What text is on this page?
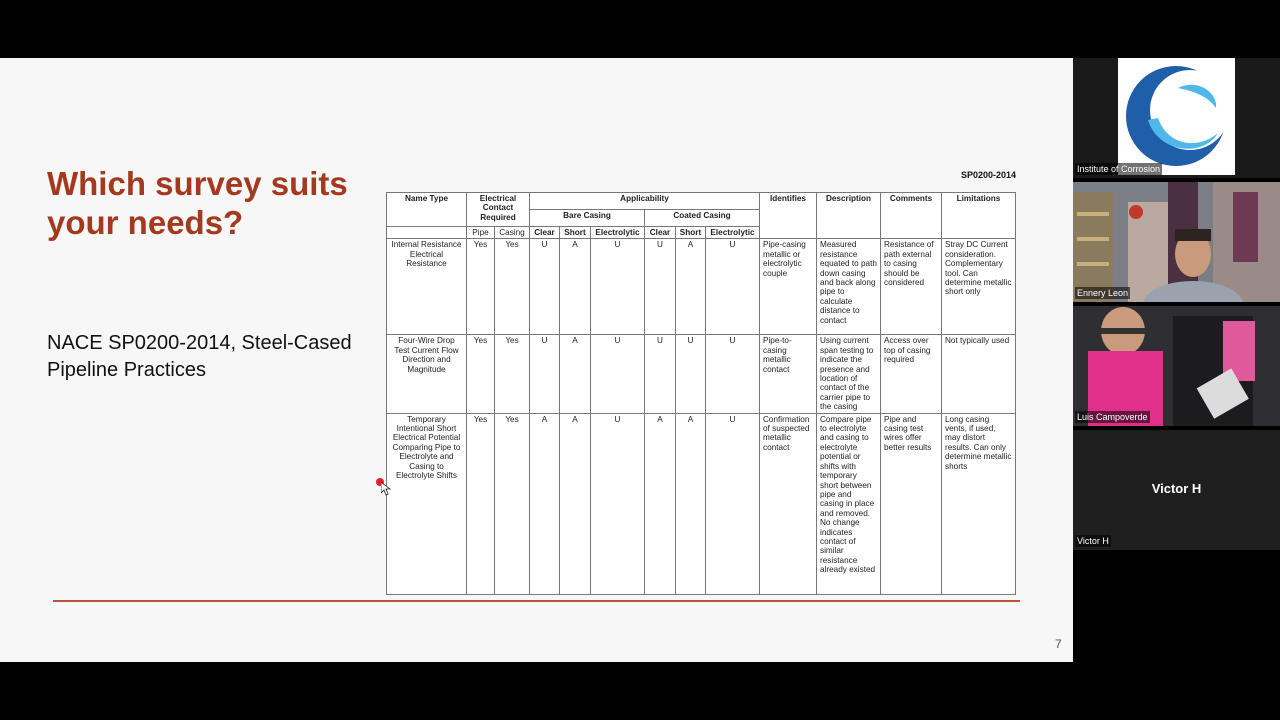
Which survey suits your needs?
NACE SP0200-2014, Steel-Cased Pipeline Practices
SP0200-2014
Name Type	Electrical Contact Required		Applicability						Identifies	Description	Comments	Limitations
			Bare Casing			Coated Casing						
	Pipe	Casing	Clear	Short	Electrolytic	Clear	Short	Electrolytic				
Internal Resistance Electrical Resistance	Yes	Yes	U	A	U	U	A	U	Pipe-casing metallic or electrolytic couple	Measured resistance equated to path down casing and back along pipe to calculate distance to contact	Resistance of path external to casing should be considered	Stray DC Current consideration. Complementary tool. Can determine metallic short only
Four-Wire Drop Test Current Flow Direction and Magnitude	Yes	Yes	U	A	U	U	U	U	Pipe-to-casing metallic contact	Using current span testing to indicate the presence and location of contact of the carrier pipe to the casing	Access over top of casing required	Not typically used
Temporary Intentional Short Electrical Potential Comparing Pipe to Electrolyte and Casing to Electrolyte Shifts	Yes	Yes	A	A	U	A	A	U	Confirmation of suspected metallic contact	Compare pipe to electrolyte and casing to electrolyte potential or shifts with temporary short between pipe and casing in place and removed. No change indicates contact of similar resistance already existed	Pipe and casing test wires offer better results	Long casing vents, if used, may distort results. Can only determine metallic shorts
7
Institute of Corrosion
Ennery Leon
Luis Campoverde
Victor H
Victor H
